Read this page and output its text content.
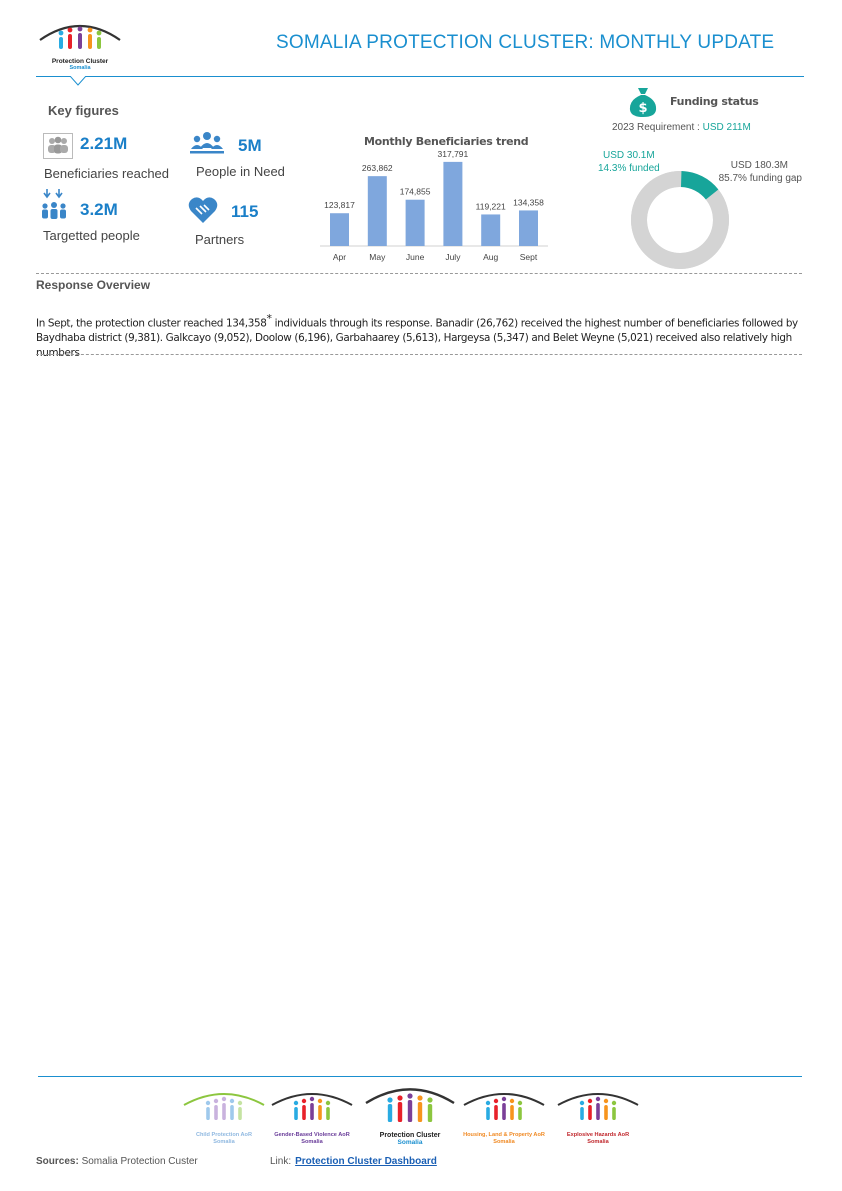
Protection Cluster
Somalia
SOMALIA PROTECTION CLUSTER: MONTHLY UPDATE
Key figures
2.21M
Beneficiaries reached
5M
People in Need
3.2M
Targetted people
115
Partners
Monthly Beneficiaries trend
123,817
Apr
263,862
May
174,855
June
317,791
July
119,221
Aug
134,358
Sept
$ Funding status
2023 Requirement : USD 211M
USD 30.1M
14.3% funded	USD 180.3M
85.7% funding gap
Response Overview
In Sept, the protection cluster reached 134,358* individuals through its response. Banadir (26,762) received the highest number of beneficiaries followed by Baydhaba district (9,381). Galkcayo (9,052), Doolow (6,196), Garbahaarey (5,613), Hargeysa (5,347) and Belet Weyne (5,021) received also relatively high numbers
Child Protection AoR
Somalia
Gender-Based Violence AoR
Somalia
Protection Cluster
Somalia
Housing, Land & Property AoR
Somalia
Explosive Hazards AoR
Somalia
Sources: Somalia Protection Custer	Link: Protection Cluster Dashboard
